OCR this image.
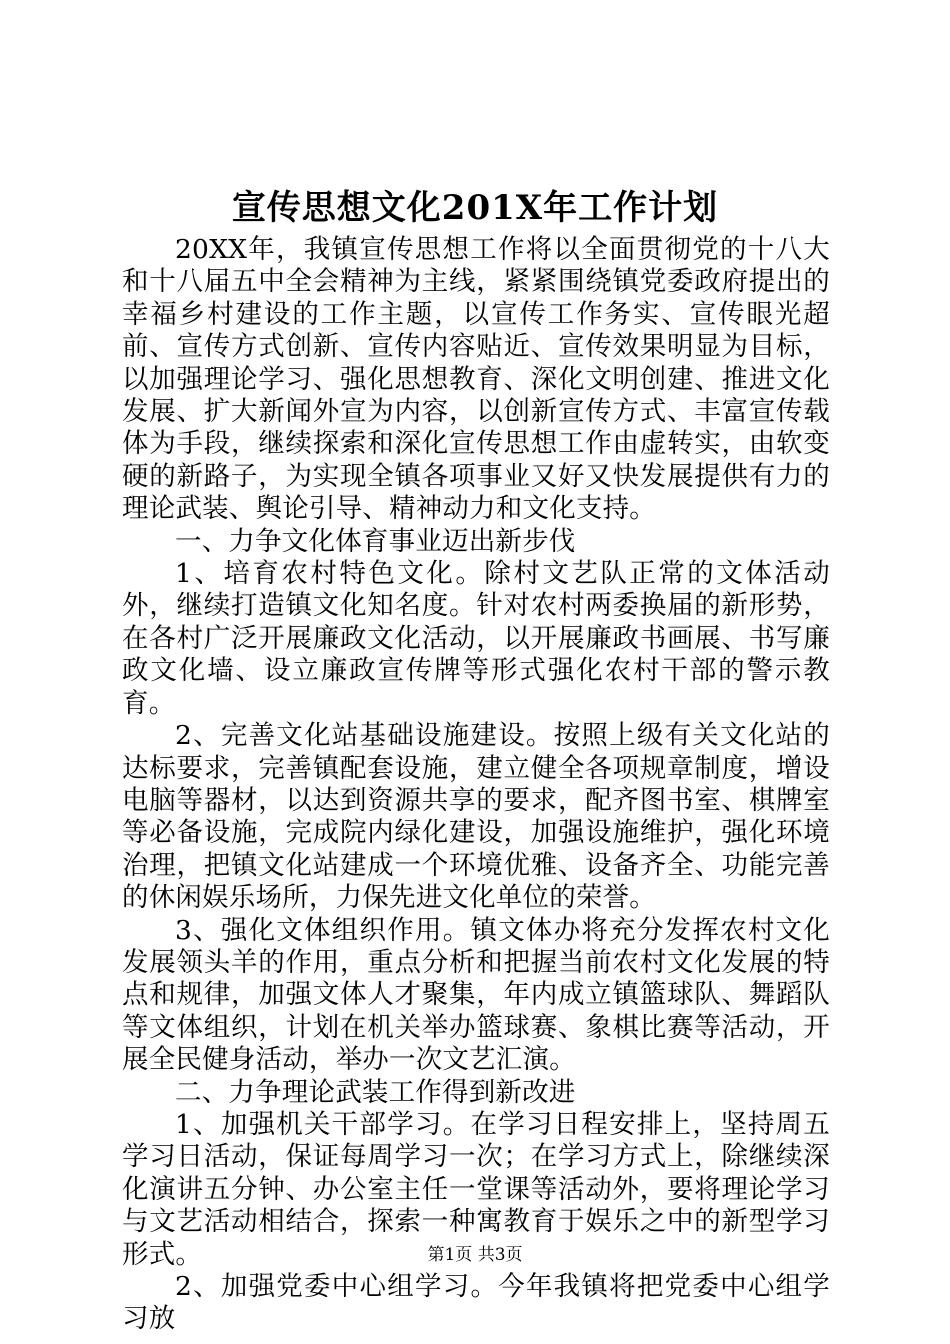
宣传思想文化201X年工作计划

20XX年，我镇宣传思想工作将以全面贯彻党的十八大和十八届五中全会精神为主线，紧紧围绕镇党委政府提出的幸福乡村建设的工作主题，以宣传工作务实、宣传眼光超前、宣传方式创新、宣传内容贴近、宣传效果明显为目标，以加强理论学习、强化思想教育、深化文明创建、推进文化发展、扩大新闻外宣为内容，以创新宣传方式、丰富宣传载体为手段，继续探索和深化宣传思想工作由虚转实，由软变硬的新路子，为实现全镇各项事业又好又快发展提供有力的理论武装、舆论引导、精神动力和文化支持。

一、力争文化体育事业迈出新步伐

1、培育农村特色文化。除村文艺队正常的文体活动外，继续打造镇文化知名度。针对农村两委换届的新形势，在各村广泛开展廉政文化活动，以开展廉政书画展、书写廉政文化墙、设立廉政宣传牌等形式强化农村干部的警示教育。

2、完善文化站基础设施建设。按照上级有关文化站的达标要求，完善镇配套设施，建立健全各项规章制度，增设电脑等器材，以达到资源共享的要求，配齐图书室、棋牌室等必备设施，完成院内绿化建设，加强设施维护，强化环境治理，把镇文化站建成一个环境优雅、设备齐全、功能完善的休闲娱乐场所，力保先进文化单位的荣誉。

3、强化文体组织作用。镇文体办将充分发挥农村文化发展领头羊的作用，重点分析和把握当前农村文化发展的特点和规律，加强文体人才聚集，年内成立镇篮球队、舞蹈队等文体组织，计划在机关举办篮球赛、象棋比赛等活动，开展全民健身活动，举办一次文艺汇演。

二、力争理论武装工作得到新改进

1、加强机关干部学习。在学习日程安排上，坚持周五学习日活动，保证每周学习一次；在学习方式上，除继续深化演讲五分钟、办公室主任一堂课等活动外，要将理论学习与文艺活动相结合，探索一种寓教育于娱乐之中的新型学习形式。

2、加强党委中心组学习。今年我镇将把党委中心组学习放

第1页 共3页
